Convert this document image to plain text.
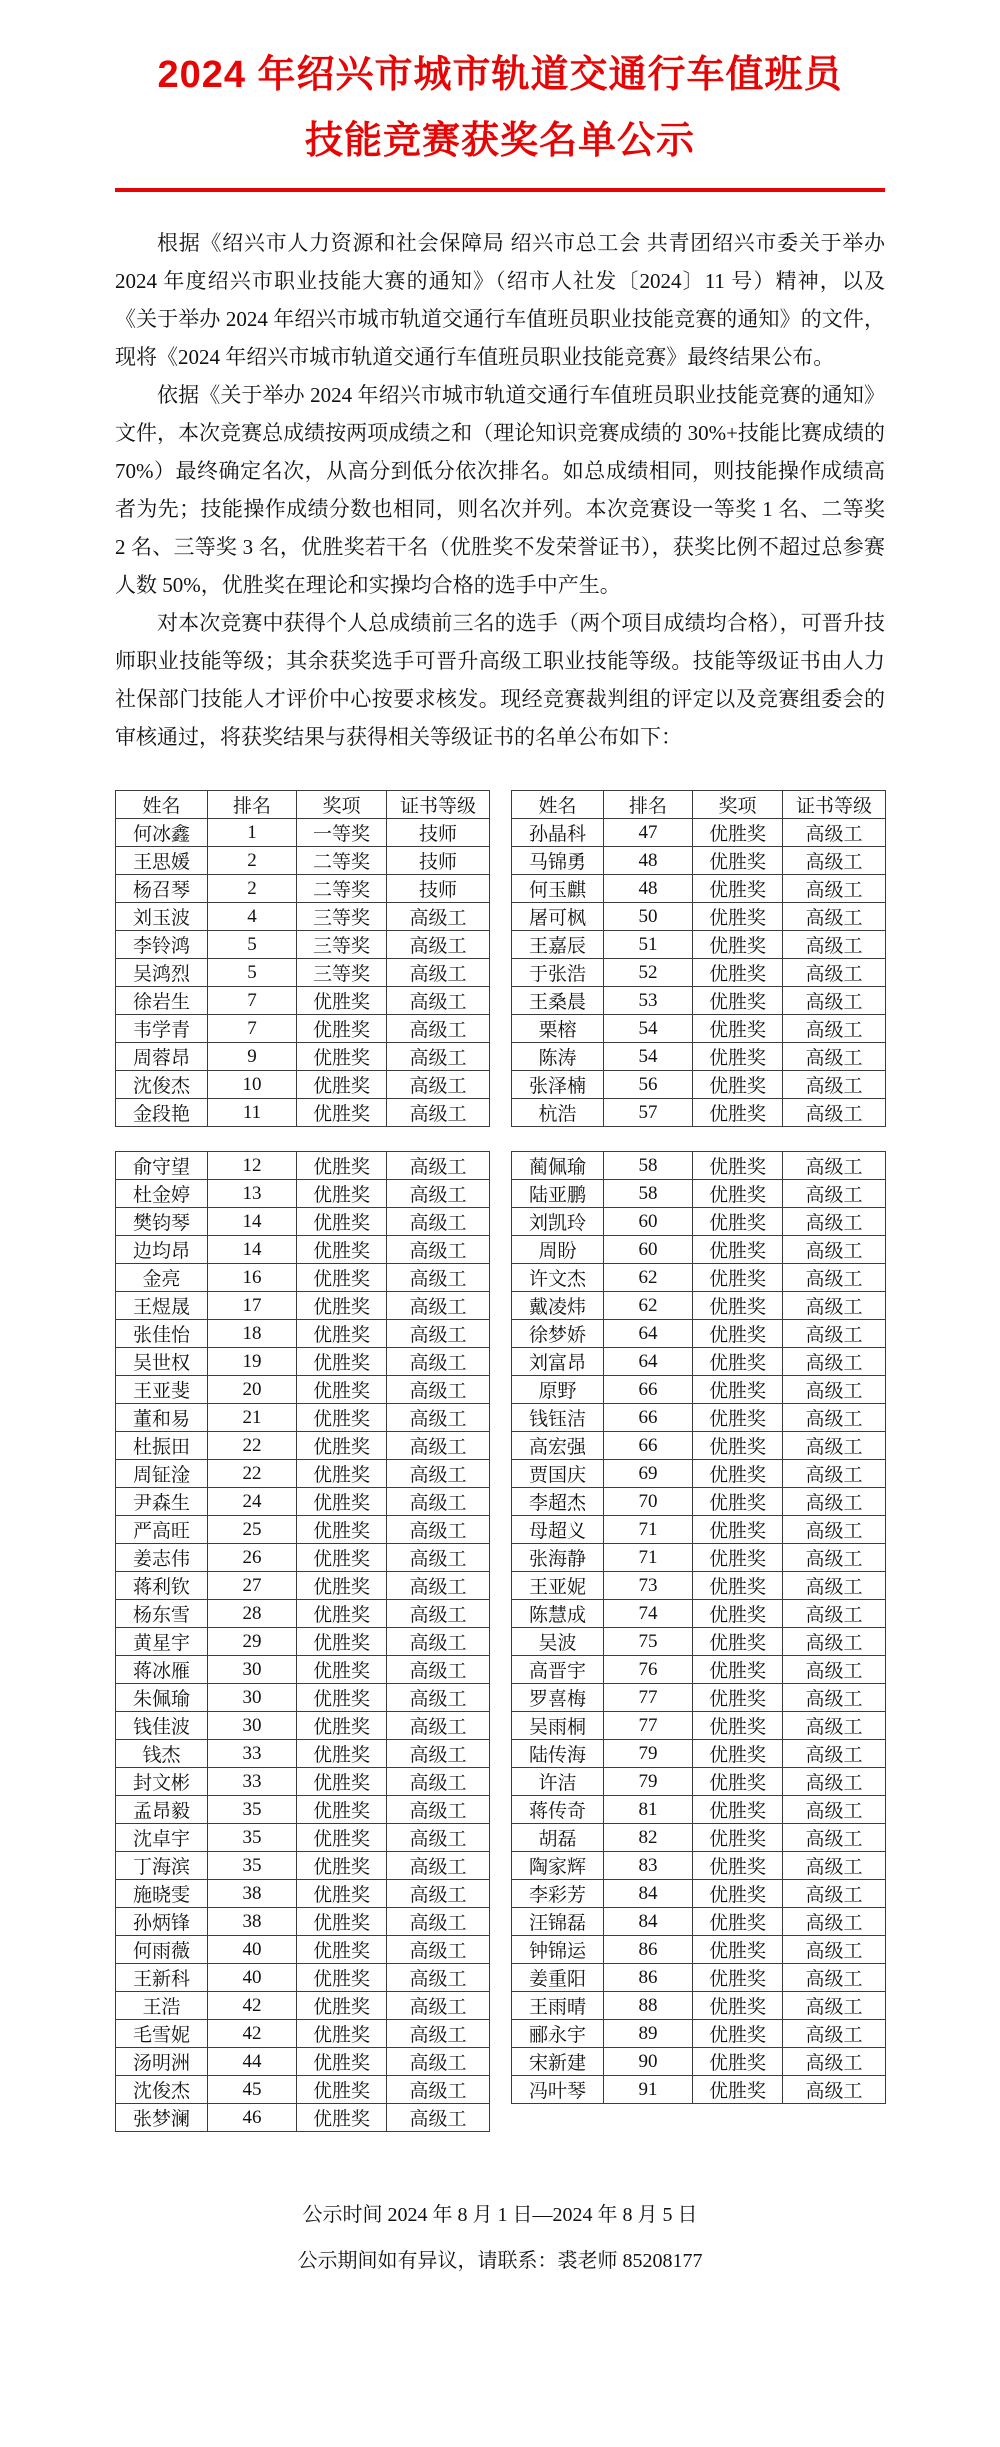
2024 年绍兴市城市轨道交通行车值班员
技能竞赛获奖名单公示

根据《绍兴市人力资源和社会保障局 绍兴市总工会 共青团绍兴市委关于举办 2024 年度绍兴市职业技能大赛的通知》（绍市人社发〔2024〕11 号）精神，以及《关于举办 2024 年绍兴市城市轨道交通行车值班员职业技能竞赛的通知》的文件，现将《2024 年绍兴市城市轨道交通行车值班员职业技能竞赛》最终结果公布。

依据《关于举办 2024 年绍兴市城市轨道交通行车值班员职业技能竞赛的通知》文件，本次竞赛总成绩按两项成绩之和（理论知识竞赛成绩的 30%+技能比赛成绩的 70%）最终确定名次，从高分到低分依次排名。如总成绩相同，则技能操作成绩高者为先；技能操作成绩分数也相同，则名次并列。本次竞赛设一等奖 1 名、二等奖 2 名、三等奖 3 名，优胜奖若干名（优胜奖不发荣誉证书），获奖比例不超过总参赛人数 50%，优胜奖在理论和实操均合格的选手中产生。

对本次竞赛中获得个人总成绩前三名的选手（两个项目成绩均合格），可晋升技师职业技能等级；其余获奖选手可晋升高级工职业技能等级。技能等级证书由人力社保部门技能人才评价中心按要求核发。现经竞赛裁判组的评定以及竞赛组委会的审核通过，将获奖结果与获得相关等级证书的名单公布如下：

姓名	排名	奖项	证书等级
何冰鑫	1	一等奖	技师
王思媛	2	二等奖	技师
杨召琴	2	二等奖	技师
刘玉波	4	三等奖	高级工
李铃鸿	5	三等奖	高级工
吴鸿烈	5	三等奖	高级工
徐岩生	7	优胜奖	高级工
韦学青	7	优胜奖	高级工
周蓉昂	9	优胜奖	高级工
沈俊杰	10	优胜奖	高级工
金段艳	11	优胜奖	高级工
俞守望	12	优胜奖	高级工
杜金婷	13	优胜奖	高级工
樊钧琴	14	优胜奖	高级工
边均昂	14	优胜奖	高级工
金亮	16	优胜奖	高级工
王煜晟	17	优胜奖	高级工
张佳怡	18	优胜奖	高级工
吴世权	19	优胜奖	高级工
王亚斐	20	优胜奖	高级工
董和易	21	优胜奖	高级工
杜振田	22	优胜奖	高级工
周钲淦	22	优胜奖	高级工
尹森生	24	优胜奖	高级工
严高旺	25	优胜奖	高级工
姜志伟	26	优胜奖	高级工
蒋利钦	27	优胜奖	高级工
杨东雪	28	优胜奖	高级工
黄星宇	29	优胜奖	高级工
蒋冰雁	30	优胜奖	高级工
朱佩瑜	30	优胜奖	高级工
钱佳波	30	优胜奖	高级工
钱杰	33	优胜奖	高级工
封文彬	33	优胜奖	高级工
孟昂毅	35	优胜奖	高级工
沈卓宇	35	优胜奖	高级工
丁海滨	35	优胜奖	高级工
施晓雯	38	优胜奖	高级工
孙炳锋	38	优胜奖	高级工
何雨薇	40	优胜奖	高级工
王新科	40	优胜奖	高级工
王浩	42	优胜奖	高级工
毛雪妮	42	优胜奖	高级工
汤明洲	44	优胜奖	高级工
沈俊杰	45	优胜奖	高级工
张梦澜	46	优胜奖	高级工
姓名	排名	奖项	证书等级
孙晶科	47	优胜奖	高级工
马锦勇	48	优胜奖	高级工
何玉麒	48	优胜奖	高级工
屠可枫	50	优胜奖	高级工
王嘉辰	51	优胜奖	高级工
于张浩	52	优胜奖	高级工
王桑晨	53	优胜奖	高级工
栗榕	54	优胜奖	高级工
陈涛	54	优胜奖	高级工
张泽楠	56	优胜奖	高级工
杭浩	57	优胜奖	高级工
蔺佩瑜	58	优胜奖	高级工
陆亚鹏	58	优胜奖	高级工
刘凯玲	60	优胜奖	高级工
周盼	60	优胜奖	高级工
许文杰	62	优胜奖	高级工
戴凌炜	62	优胜奖	高级工
徐梦娇	64	优胜奖	高级工
刘富昂	64	优胜奖	高级工
原野	66	优胜奖	高级工
钱钰洁	66	优胜奖	高级工
高宏强	66	优胜奖	高级工
贾国庆	69	优胜奖	高级工
李超杰	70	优胜奖	高级工
母超义	71	优胜奖	高级工
张海静	71	优胜奖	高级工
王亚妮	73	优胜奖	高级工
陈慧成	74	优胜奖	高级工
吴波	75	优胜奖	高级工
高晋宇	76	优胜奖	高级工
罗喜梅	77	优胜奖	高级工
吴雨桐	77	优胜奖	高级工
陆传海	79	优胜奖	高级工
许洁	79	优胜奖	高级工
蒋传奇	81	优胜奖	高级工
胡磊	82	优胜奖	高级工
陶家辉	83	优胜奖	高级工
李彩芳	84	优胜奖	高级工
汪锦磊	84	优胜奖	高级工
钟锦运	86	优胜奖	高级工
姜重阳	86	优胜奖	高级工
王雨晴	88	优胜奖	高级工
郦永宇	89	优胜奖	高级工
宋新建	90	优胜奖	高级工
冯叶琴	91	优胜奖	高级工
公示时间 2024 年 8 月 1 日—2024 年 8 月 5 日
公示期间如有异议，请联系：裘老师 85208177
